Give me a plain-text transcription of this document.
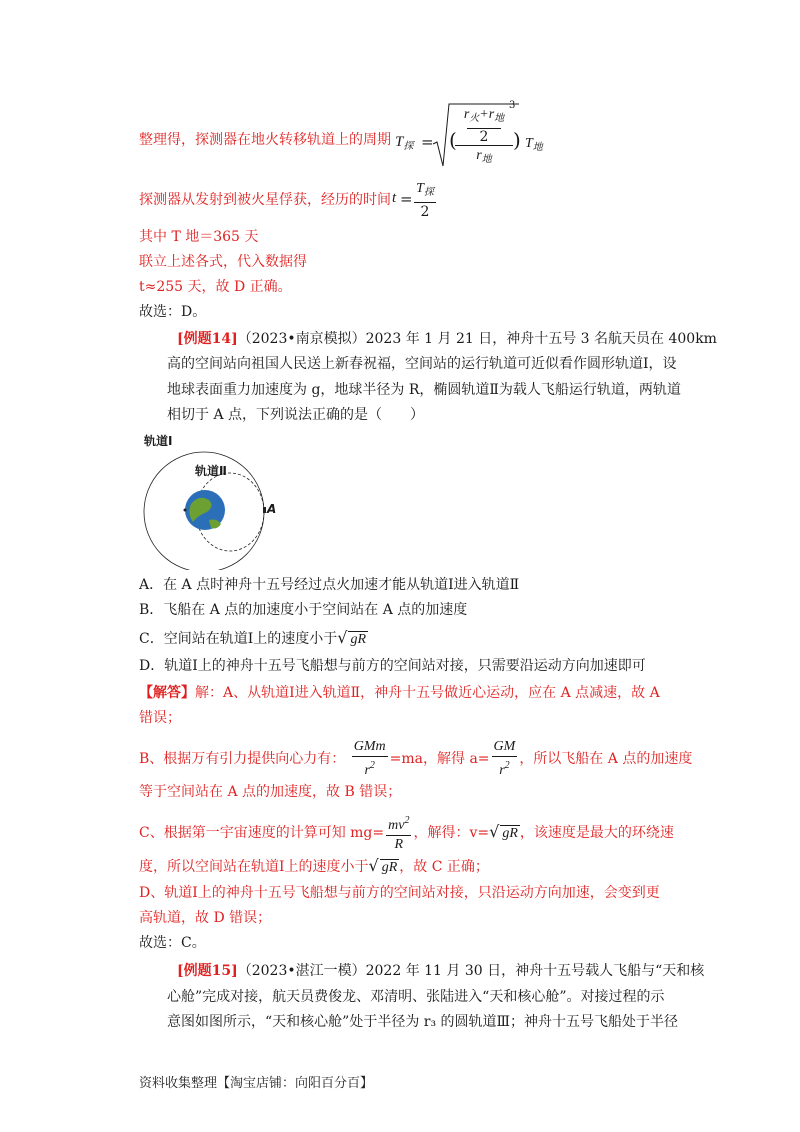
整理得，探测器在地火转移轨道上的周期 $T_探$ = (
$r_火+r_地$
2
$r_地$
)
3
$T_地$
探测器从发射到被火星俘获，经历的时间 t =
$T_探$
2
其中 T 地＝365 天
联立上述各式，代入数据得
t≈255 天，故 D 正确。
故选：D。
[例题14]（2023•南京模拟）2023 年 1 月 21 日，神舟十五号 3 名航天员在 400km
高的空间站向祖国人民送上新春祝福，空间站的运行轨道可近似看作圆形轨道Ⅰ，设
地球表面重力加速度为 g，地球半径为 R，椭圆轨道Ⅱ为载人飞船运行轨道，两轨道
相切于 A 点，下列说法正确的是（　　）
轨道Ⅰ
轨道Ⅱ
A
A．在 A 点时神舟十五号经过点火加速才能从轨道Ⅰ进入轨道Ⅱ
B．飞船在 A 点的加速度小于空间站在 A 点的加速度
C．空间站在轨道Ⅰ上的速度小于√ gR
D．轨道Ⅰ上的神舟十五号飞船想与前方的空间站对接，只需要沿运动方向加速即可
【解答】解：A、从轨道Ⅰ进入轨道Ⅱ，神舟十五号做近心运动，应在 A 点减速，故 A
错误；
B、根据万有引力提供向心力有： $\frac{\text{GMm}}{r^2} =ma$，解得 $a= \frac{GM}{r^2}$ ，所以飞船在 A 点的加速度
等于空间站在 A 点的加速度，故 B 错误；
C、根据第一宇宙速度的计算可知 $mg= \frac{mv^2}{R}$ ，解得：v=√ gR ，该速度是最大的环绕速
度，所以空间站在轨道Ⅰ上的速度小于√ gR ，故 C 正确；
D、轨道Ⅰ上的神舟十五号飞船想与前方的空间站对接，只沿运动方向加速，会变到更
高轨道，故 D 错误；
故选：C。
[例题15]（2023•湛江一模）2022 年 11 月 30 日，神舟十五号载人飞船与“天和核
心舱”完成对接，航天员费俊龙、邓清明、张陆进入“天和核心舱”。对接过程的示
意图如图所示，“天和核心舱”处于半径为 r₃ 的圆轨道Ⅲ；神舟十五号飞船处于半径
资料收集整理【淘宝店铺：向阳百分百】
